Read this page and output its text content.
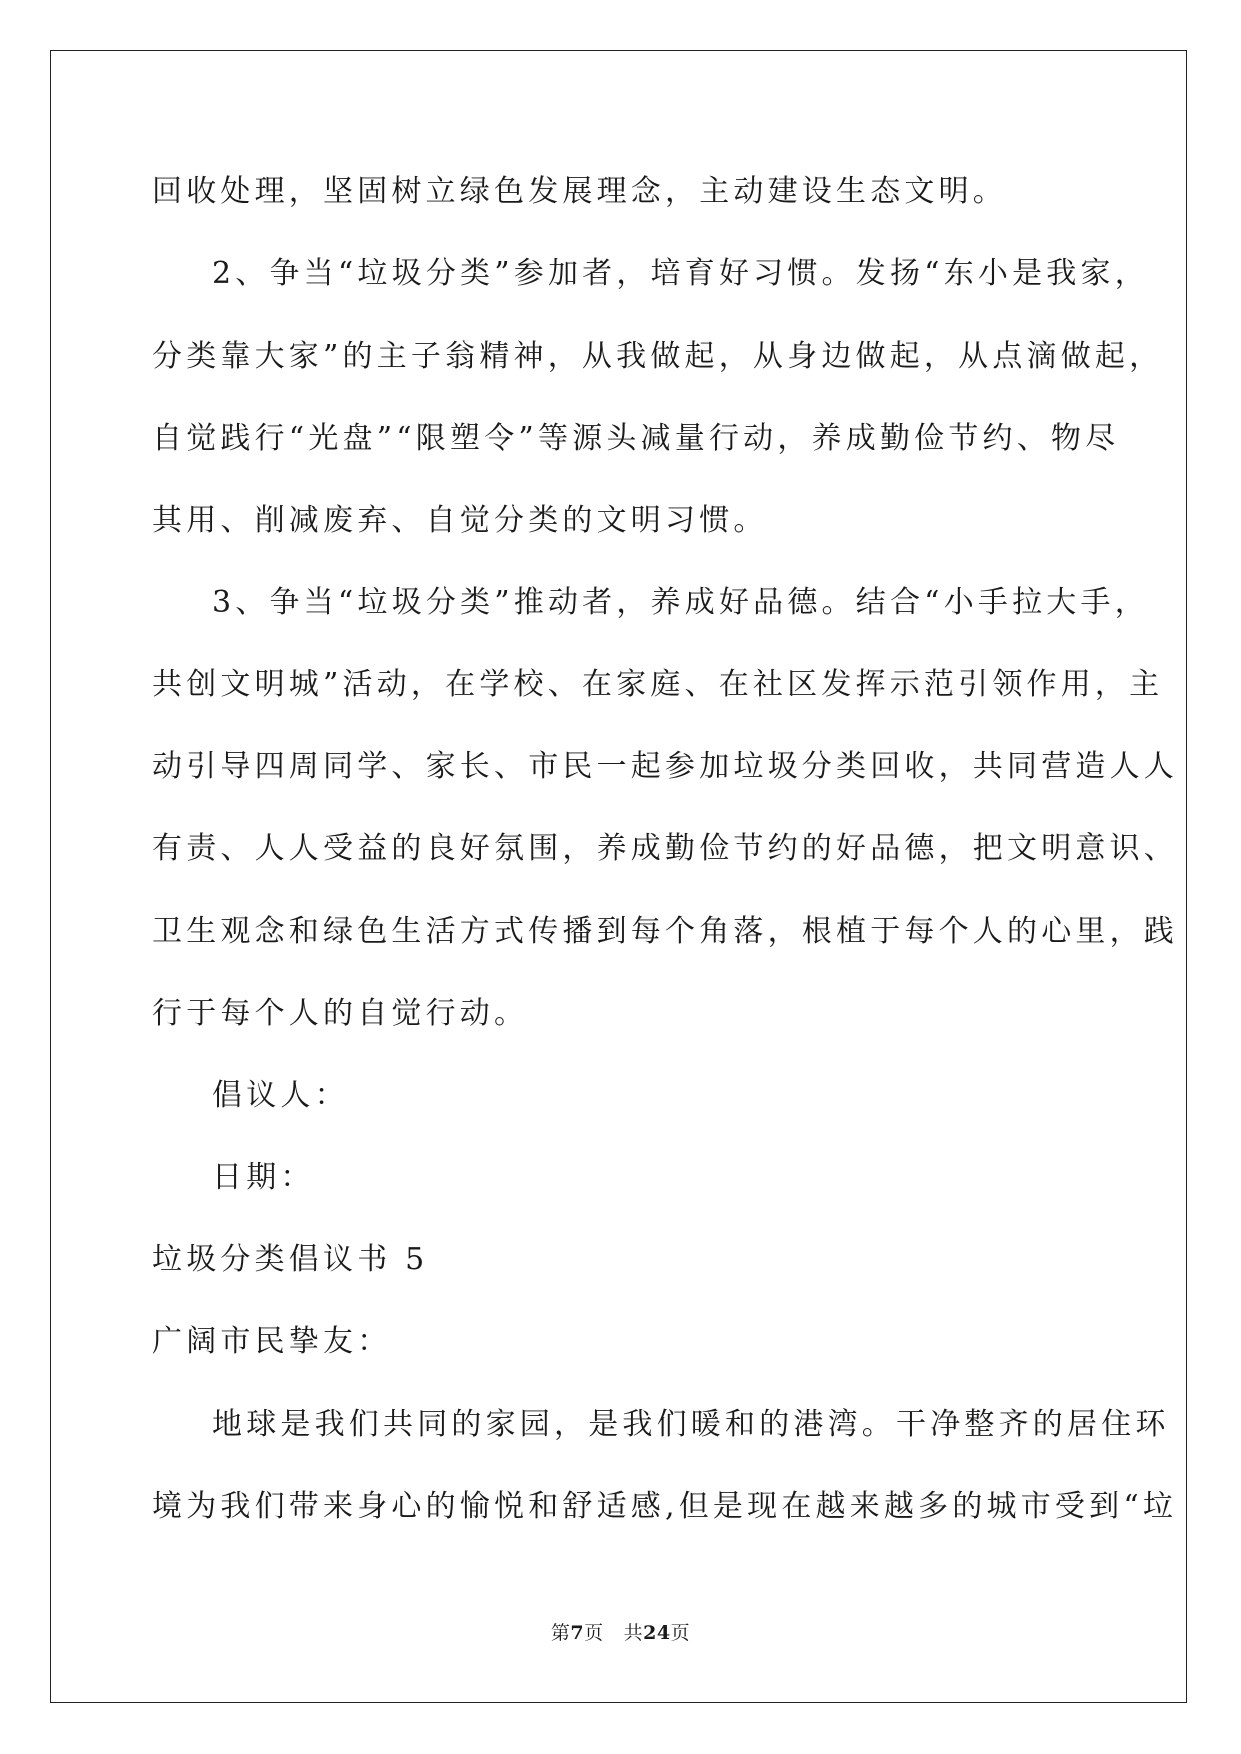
回收处理，坚固树立绿色发展理念，主动建设生态文明。
2、争当“垃圾分类”参加者，培育好习惯。发扬“东小是我家，
分类靠大家”的主子翁精神，从我做起，从身边做起，从点滴做起，
自觉践行“光盘”“限塑令”等源头减量行动，养成勤俭节约、物尽
其用、削减废弃、自觉分类的文明习惯。
3、争当“垃圾分类”推动者，养成好品德。结合“小手拉大手，
共创文明城”活动，在学校、在家庭、在社区发挥示范引领作用，主
动引导四周同学、家长、市民一起参加垃圾分类回收，共同营造人人
有责、人人受益的良好氛围，养成勤俭节约的好品德，把文明意识、
卫生观念和绿色生活方式传播到每个角落，根植于每个人的心里，践
行于每个人的自觉行动。
倡议人：
日期：
垃圾分类倡议书 5
广阔市民挚友：
地球是我们共同的家园，是我们暖和的港湾。干净整齐的居住环
境为我们带来身心的愉悦和舒适感,但是现在越来越多的城市受到“垃
第7页 共24页
